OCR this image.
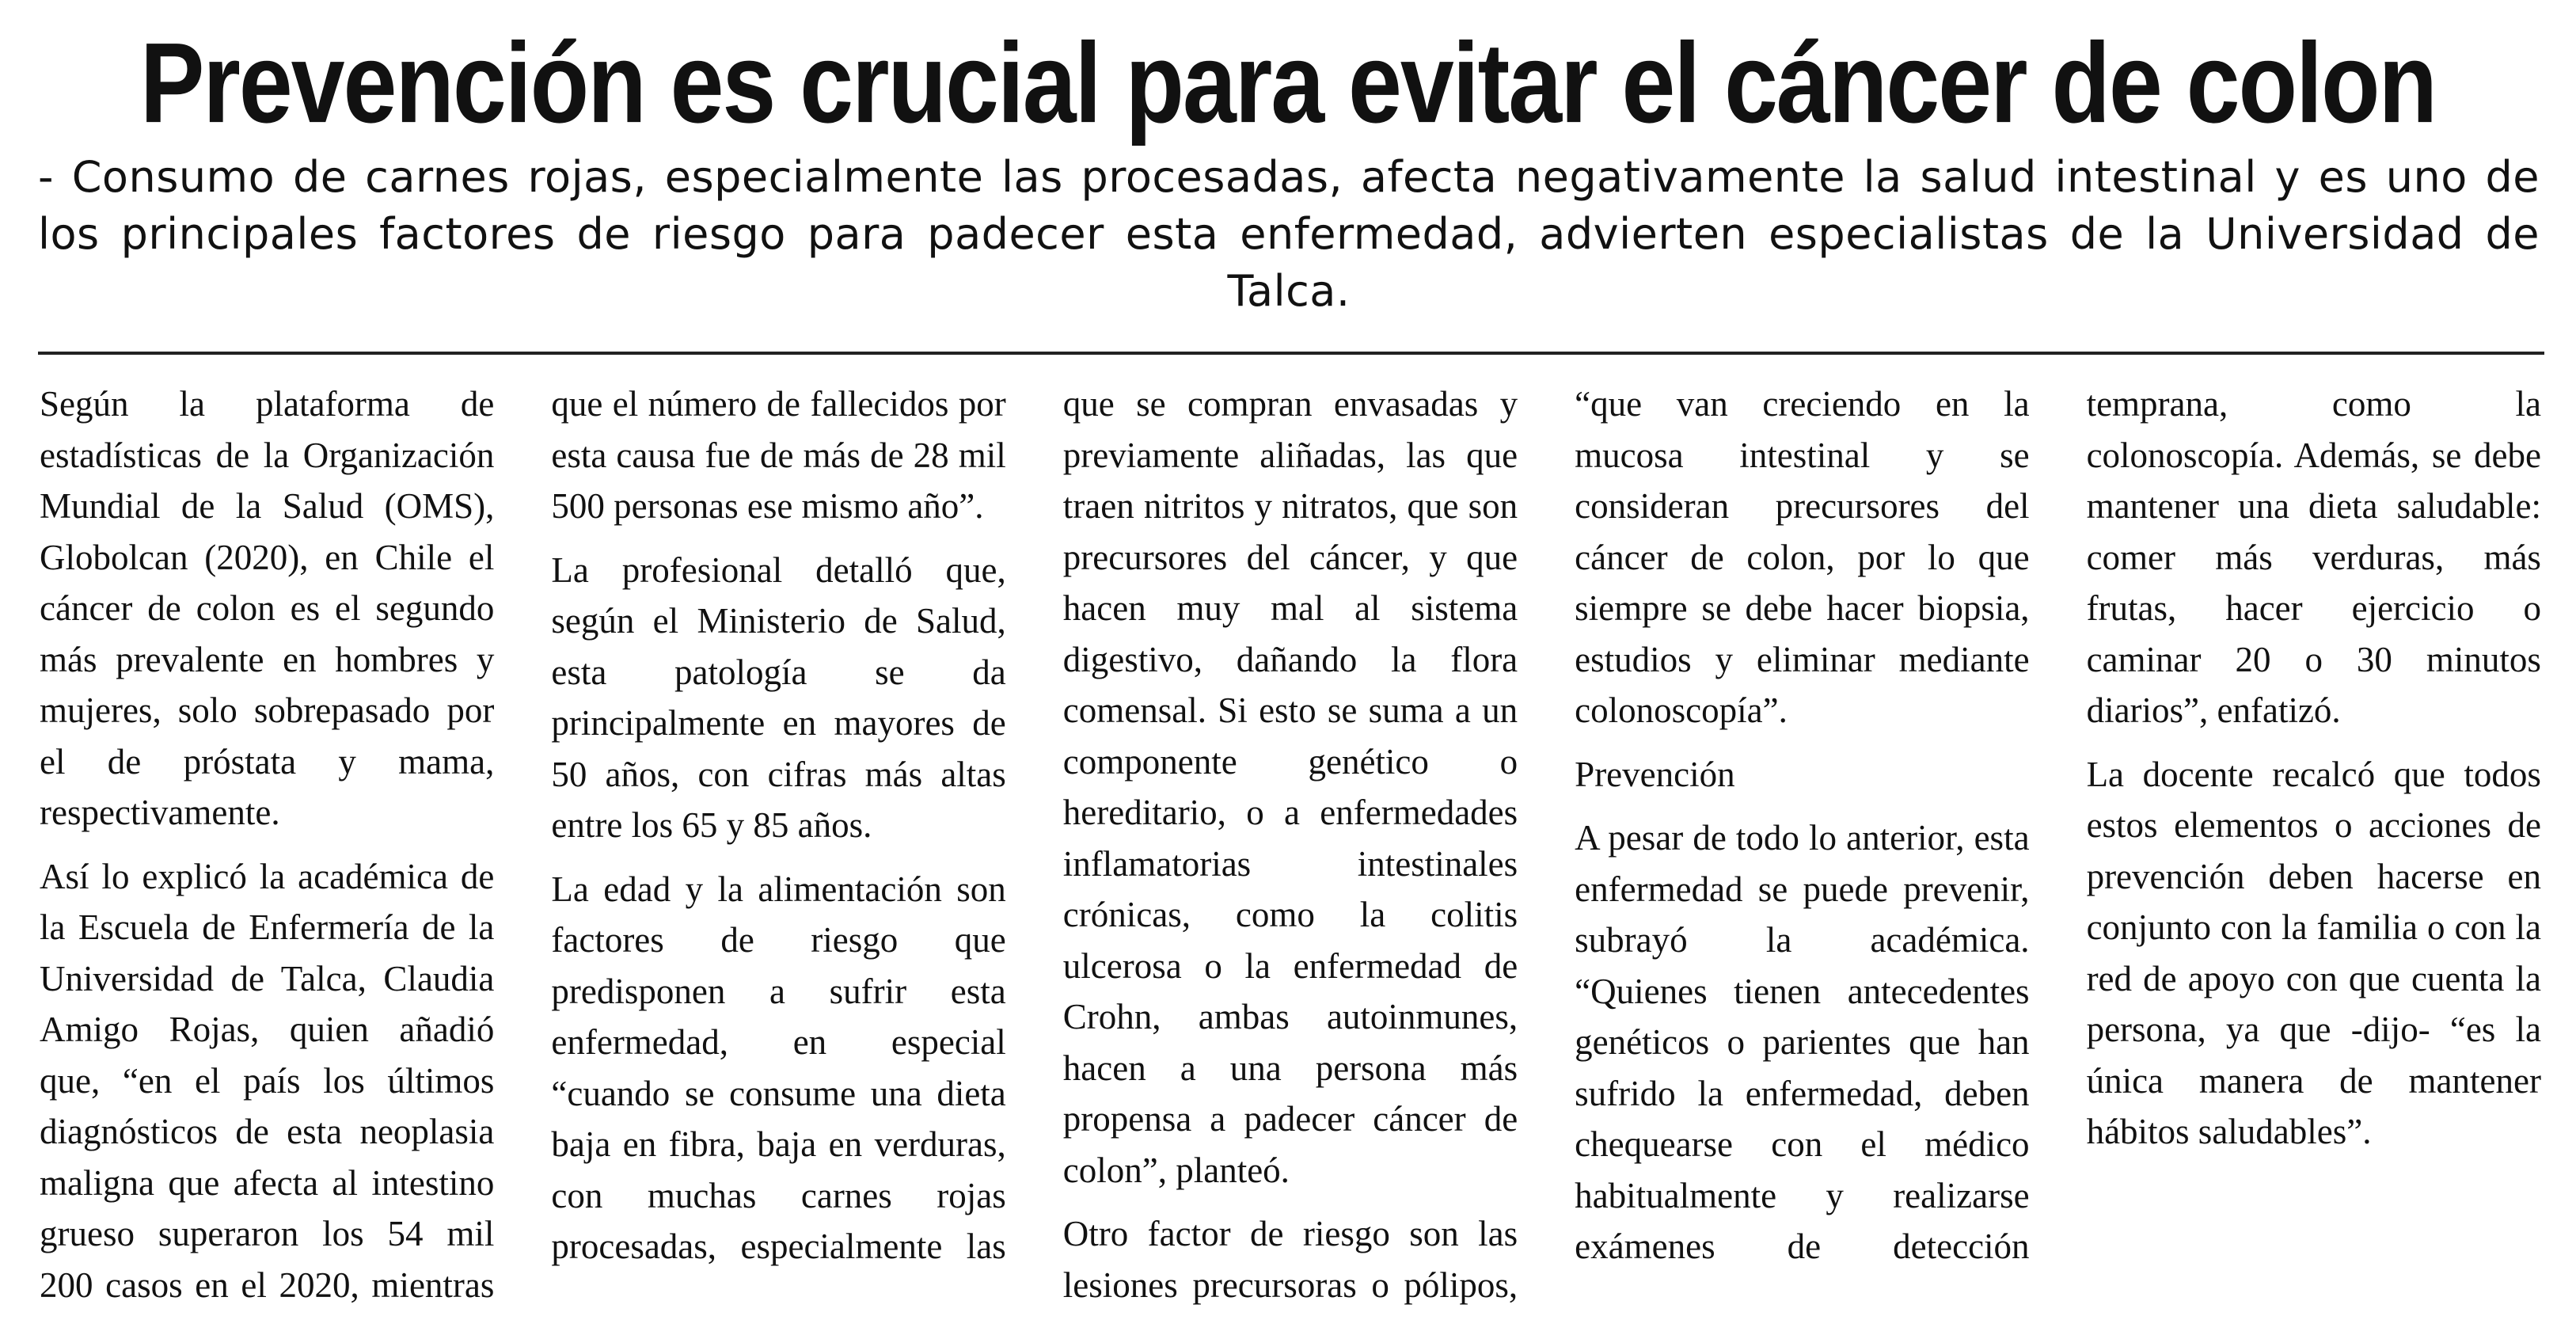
Prevención es crucial para evitar el cáncer de colon
- Consumo de carnes rojas, especialmente las procesadas, afecta negativamente la salud intestinal y es uno de los principales factores de riesgo para padecer esta enfermedad, advierten especialistas de la Universidad de Talca.

Según la plataforma de estadísticas de la Organización Mundial de la Salud (OMS), Globolcan (2020), en Chile el cáncer de colon es el segundo más prevalente en hombres y mujeres, solo sobrepasado por el de próstata y mama, respectivamente.

Así lo explicó la académica de la Escuela de Enfermería de la Universidad de Talca, Claudia Amigo Rojas, quien añadió que, “en el país los últimos diagnósticos de esta neoplasia maligna que afecta al intestino grueso superaron los 54 mil 200 casos en el 2020, mientras que el número de fallecidos por esta causa fue de más de 28 mil 500 personas ese mismo año”.

La profesional detalló que, según el Ministerio de Salud, esta patología se da principalmente en mayores de 50 años, con cifras más altas entre los 65 y 85 años.

La edad y la alimentación son factores de riesgo que predisponen a sufrir esta enfermedad, en especial “cuando se consume una dieta baja en fibra, baja en verduras, con muchas carnes rojas procesadas, especialmente las que se compran envasadas y previamente aliñadas, las que traen nitritos y nitratos, que son precursores del cáncer, y que hacen muy mal al sistema digestivo, dañando la flora comensal. Si esto se suma a un componente genético o hereditario, o a enfermedades inflamatorias intestinales crónicas, como la colitis ulcerosa o la enfermedad de Crohn, ambas autoinmunes, hacen a una persona más propensa a padecer cáncer de colon”, planteó.

Otro factor de riesgo son las lesiones precursoras o pólipos, “que van creciendo en la mucosa intestinal y se consideran precursores del cáncer de colon, por lo que siempre se debe hacer biopsia, estudios y eliminar mediante colonoscopía”.

Prevención

A pesar de todo lo anterior, esta enfermedad se puede prevenir, subrayó la académica. “Quienes tienen antecedentes genéticos o parientes que han sufrido la enfermedad, deben chequearse con el médico habitualmente y realizarse exámenes de detección temprana, como la colonoscopía. Además, se debe mantener una dieta saludable: comer más verduras, más frutas, hacer ejercicio o caminar 20 o 30 minutos diarios”, enfatizó.

La docente recalcó que todos estos elementos o acciones de prevención deben hacerse en conjunto con la familia o con la red de apoyo con que cuenta la persona, ya que -dijo- “es la única manera de mantener hábitos saludables”.
